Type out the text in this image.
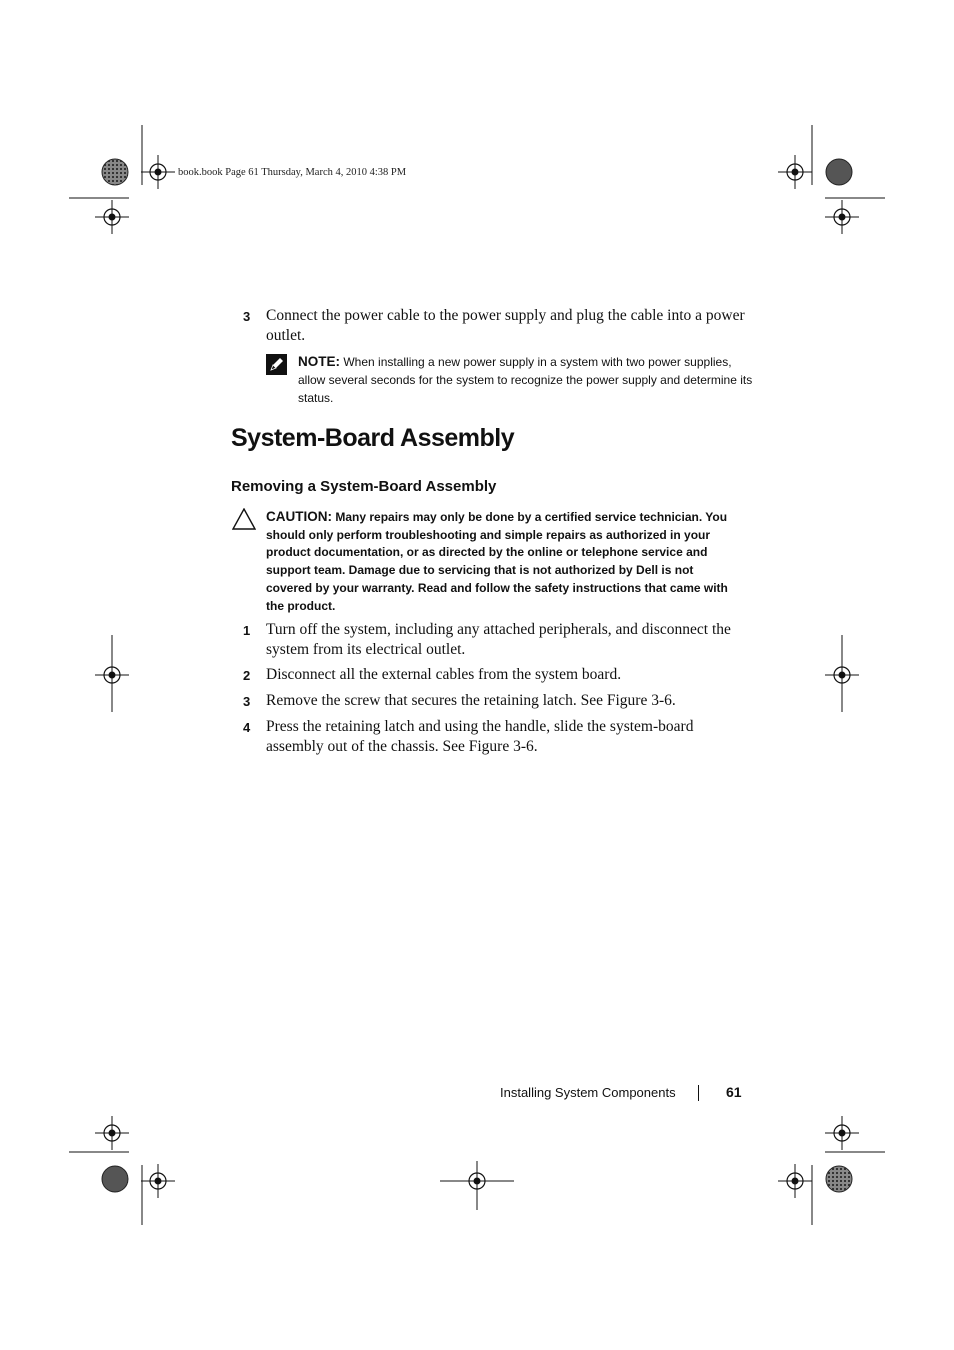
book.book Page 61 Thursday, March 4, 2010 4:38 PM
3 Connect the power cable to the power supply and plug the cable into a power outlet.
NOTE: When installing a new power supply in a system with two power supplies, allow several seconds for the system to recognize the power supply and determine its status.
System-Board Assembly
Removing a System-Board Assembly
CAUTION: Many repairs may only be done by a certified service technician. You should only perform troubleshooting and simple repairs as authorized in your product documentation, or as directed by the online or telephone service and support team. Damage due to servicing that is not authorized by Dell is not covered by your warranty. Read and follow the safety instructions that came with the product.
1 Turn off the system, including any attached peripherals, and disconnect the system from its electrical outlet.
2 Disconnect all the external cables from the system board.
3 Remove the screw that secures the retaining latch. See Figure 3-6.
4 Press the retaining latch and using the handle, slide the system-board assembly out of the chassis. See Figure 3-6.
Installing System Components	61
